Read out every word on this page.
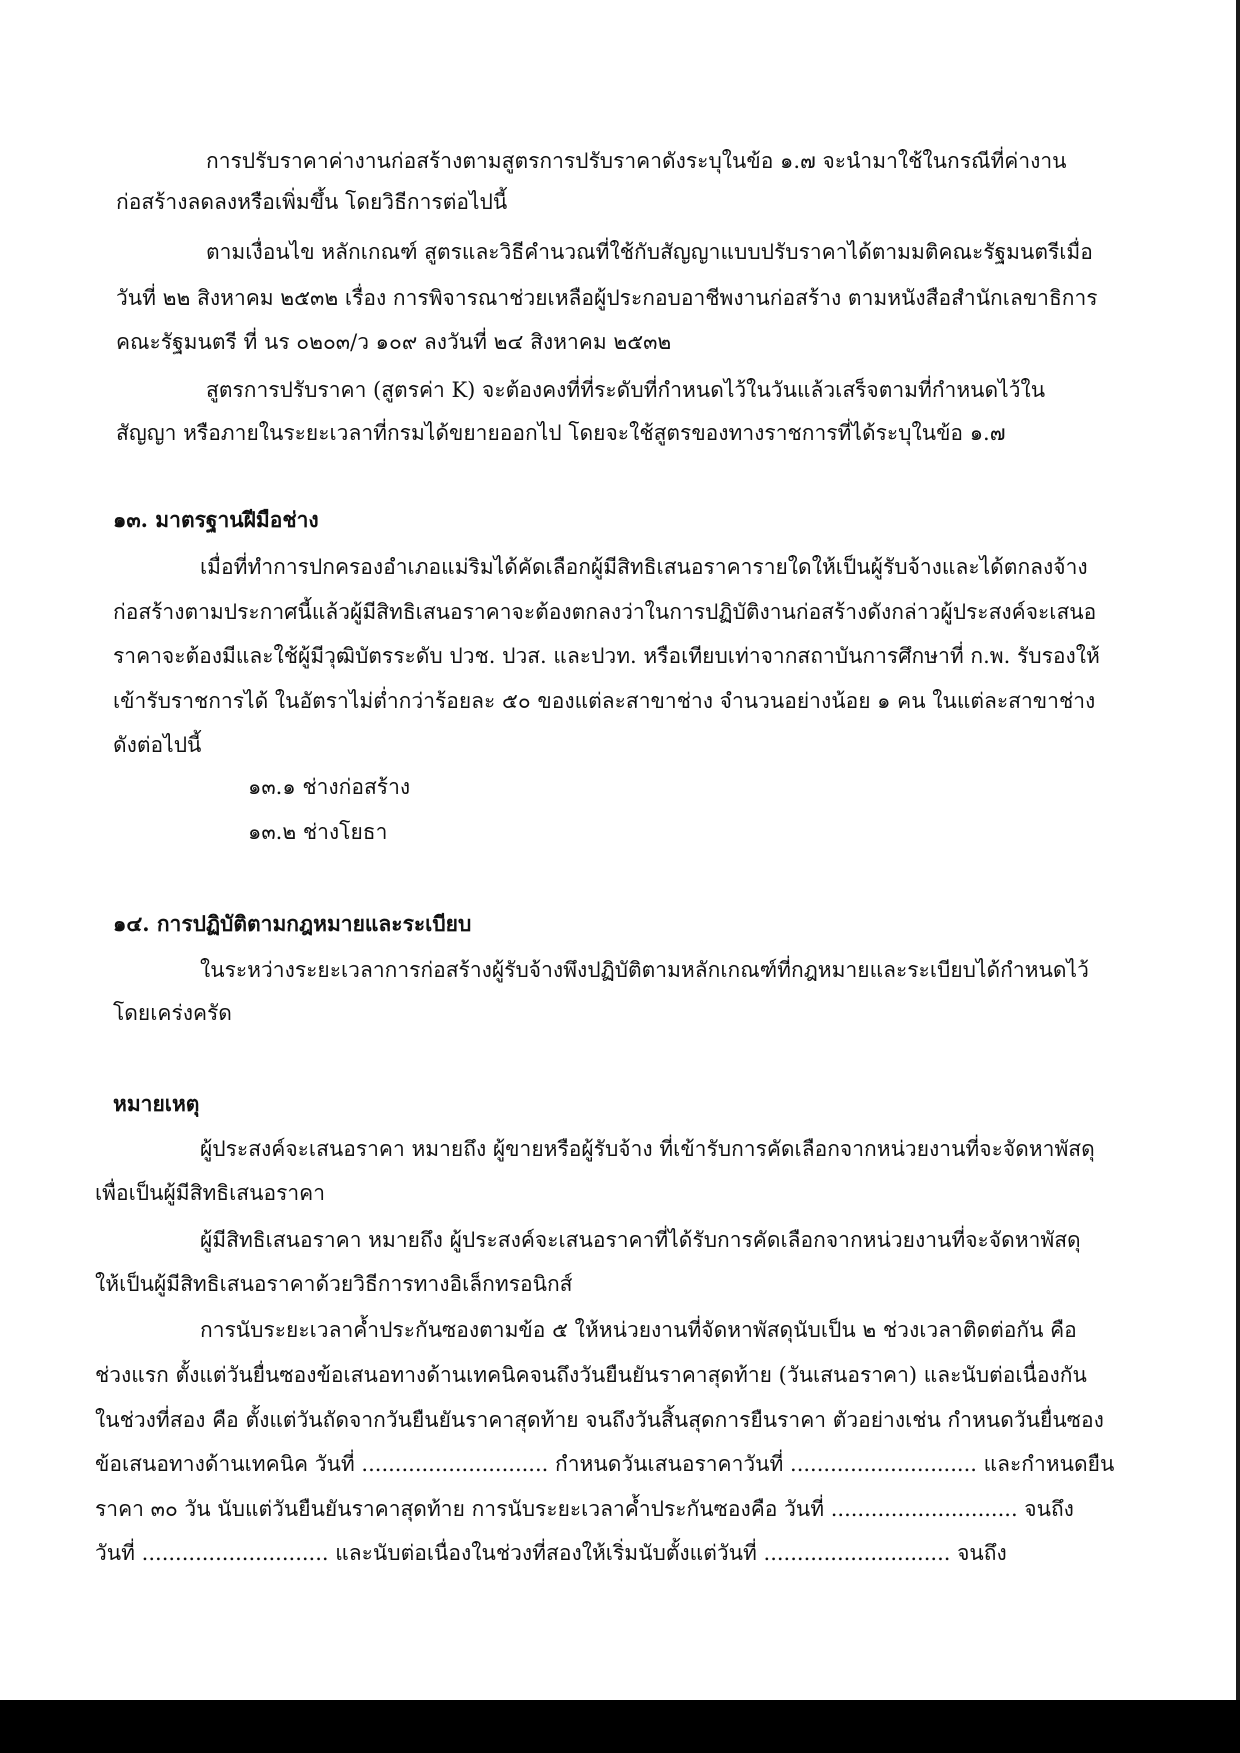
การปรับราคาค่างานก่อสร้างตามสูตรการปรับราคาดังระบุในข้อ ๑.๗ จะนำมาใช้ในกรณีที่ค่างาน
ก่อสร้างลดลงหรือเพิ่มขึ้น โดยวิธีการต่อไปนี้
ตามเงื่อนไข หลักเกณฑ์ สูตรและวิธีคำนวณที่ใช้กับสัญญาแบบปรับราคาได้ตามมติคณะรัฐมนตรีเมื่อ
วันที่ ๒๒ สิงหาคม ๒๕๓๒ เรื่อง การพิจารณาช่วยเหลือผู้ประกอบอาชีพงานก่อสร้าง ตามหนังสือสำนักเลขาธิการ
คณะรัฐมนตรี ที่ นร ๐๒๐๓/ว ๑๐๙ ลงวันที่ ๒๔ สิงหาคม ๒๕๓๒
สูตรการปรับราคา (สูตรค่า K) จะต้องคงที่ที่ระดับที่กำหนดไว้ในวันแล้วเสร็จตามที่กำหนดไว้ใน
สัญญา หรือภายในระยะเวลาที่กรมได้ขยายออกไป โดยจะใช้สูตรของทางราชการที่ได้ระบุในข้อ ๑.๗
๑๓. มาตรฐานฝีมือช่าง
เมื่อที่ทำการปกครองอำเภอแม่ริมได้คัดเลือกผู้มีสิทธิเสนอราคารายใดให้เป็นผู้รับจ้างและได้ตกลงจ้าง
ก่อสร้างตามประกาศนี้แล้วผู้มีสิทธิเสนอราคาจะต้องตกลงว่าในการปฏิบัติงานก่อสร้างดังกล่าวผู้ประสงค์จะเสนอ
ราคาจะต้องมีและใช้ผู้มีวุฒิบัตรระดับ ปวช. ปวส. และปวท. หรือเทียบเท่าจากสถาบันการศึกษาที่ ก.พ. รับรองให้
เข้ารับราชการได้ ในอัตราไม่ต่ำกว่าร้อยละ ๕๐ ของแต่ละสาขาช่าง จำนวนอย่างน้อย ๑ คน ในแต่ละสาขาช่าง
ดังต่อไปนี้
๑๓.๑ ช่างก่อสร้าง
๑๓.๒ ช่างโยธา
๑๔. การปฏิบัติตามกฎหมายและระเบียบ
ในระหว่างระยะเวลาการก่อสร้างผู้รับจ้างพึงปฏิบัติตามหลักเกณฑ์ที่กฎหมายและระเบียบได้กำหนดไว้
โดยเคร่งครัด
หมายเหตุ
ผู้ประสงค์จะเสนอราคา หมายถึง ผู้ขายหรือผู้รับจ้าง ที่เข้ารับการคัดเลือกจากหน่วยงานที่จะจัดหาพัสดุ
เพื่อเป็นผู้มีสิทธิเสนอราคา
ผู้มีสิทธิเสนอราคา หมายถึง ผู้ประสงค์จะเสนอราคาที่ได้รับการคัดเลือกจากหน่วยงานที่จะจัดหาพัสดุ
ให้เป็นผู้มีสิทธิเสนอราคาด้วยวิธีการทางอิเล็กทรอนิกส์
การนับระยะเวลาค้ำประกันซองตามข้อ ๕ ให้หน่วยงานที่จัดหาพัสดุนับเป็น ๒ ช่วงเวลาติดต่อกัน คือ
ช่วงแรก ตั้งแต่วันยื่นซองข้อเสนอทางด้านเทคนิคจนถึงวันยืนยันราคาสุดท้าย (วันเสนอราคา) และนับต่อเนื่องกัน
ในช่วงที่สอง คือ ตั้งแต่วันถัดจากวันยืนยันราคาสุดท้าย จนถึงวันสิ้นสุดการยืนราคา ตัวอย่างเช่น กำหนดวันยื่นซอง
ข้อเสนอทางด้านเทคนิค วันที่ ............................ กำหนดวันเสนอราคาวันที่ ............................ และกำหนดยืน
ราคา ๓๐ วัน นับแต่วันยืนยันราคาสุดท้าย การนับระยะเวลาค้ำประกันซองคือ วันที่ ............................ จนถึง
วันที่ ............................ และนับต่อเนื่องในช่วงที่สองให้เริ่มนับตั้งแต่วันที่ ............................ จนถึง
